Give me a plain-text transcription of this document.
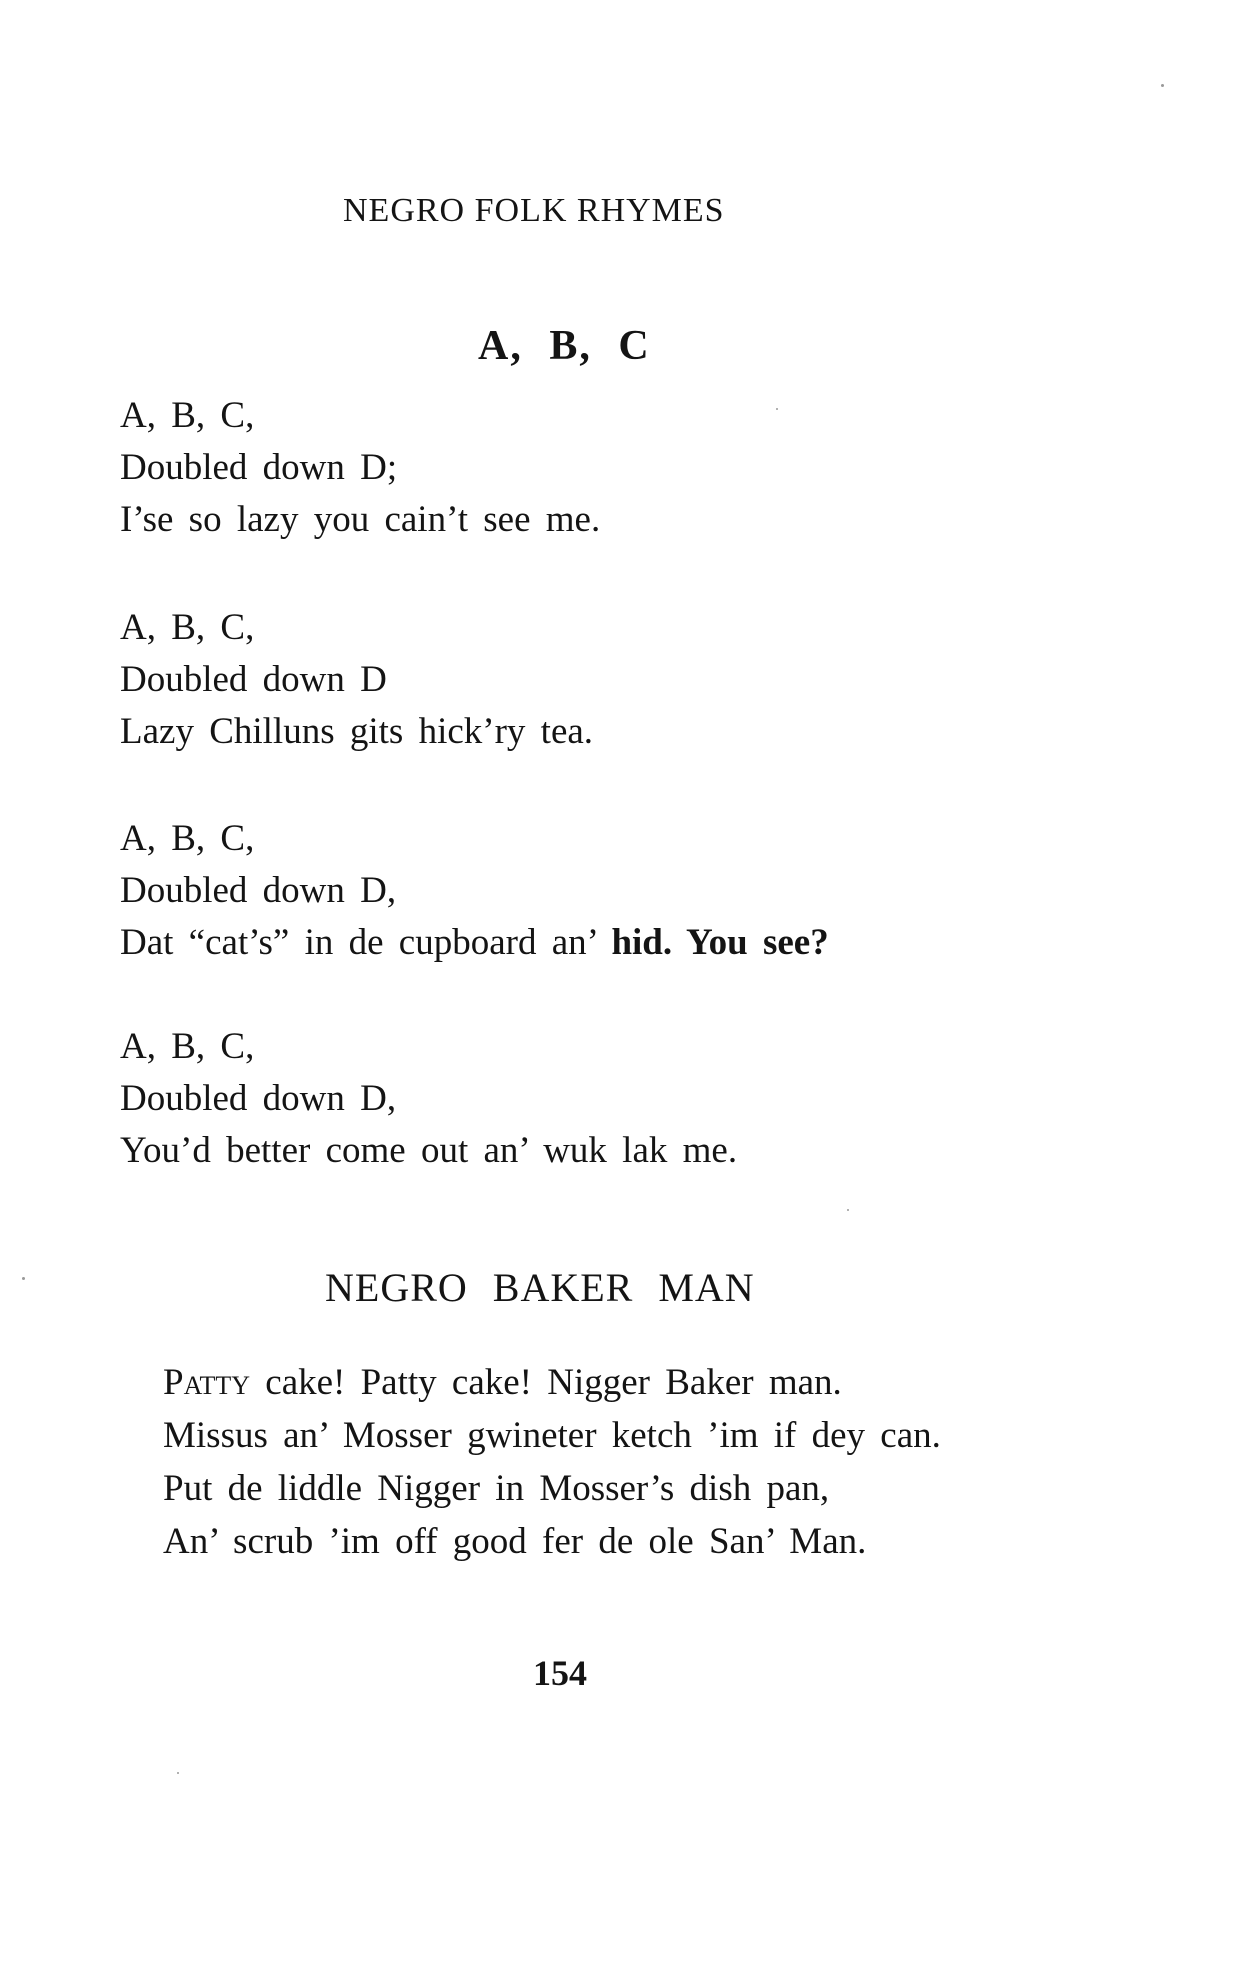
NEGRO FOLK RHYMES
A, B, C
A, B, C,
Doubled down D;
I’se so lazy you cain’t see me.
A, B, C,
Doubled down D
Lazy Chilluns gits hick’ry tea.
A, B, C,
Doubled down D,
Dat “cat’s” in de cupboard an’ hid. You see?
A, B, C,
Doubled down D,
You’d better come out an’ wuk lak me.
NEGRO BAKER MAN
Patty cake! Patty cake! Nigger Baker man.
Missus an’ Mosser gwineter ketch ’im if dey can.
Put de liddle Nigger in Mosser’s dish pan,
An’ scrub ’im off good fer de ole San’ Man.
154
